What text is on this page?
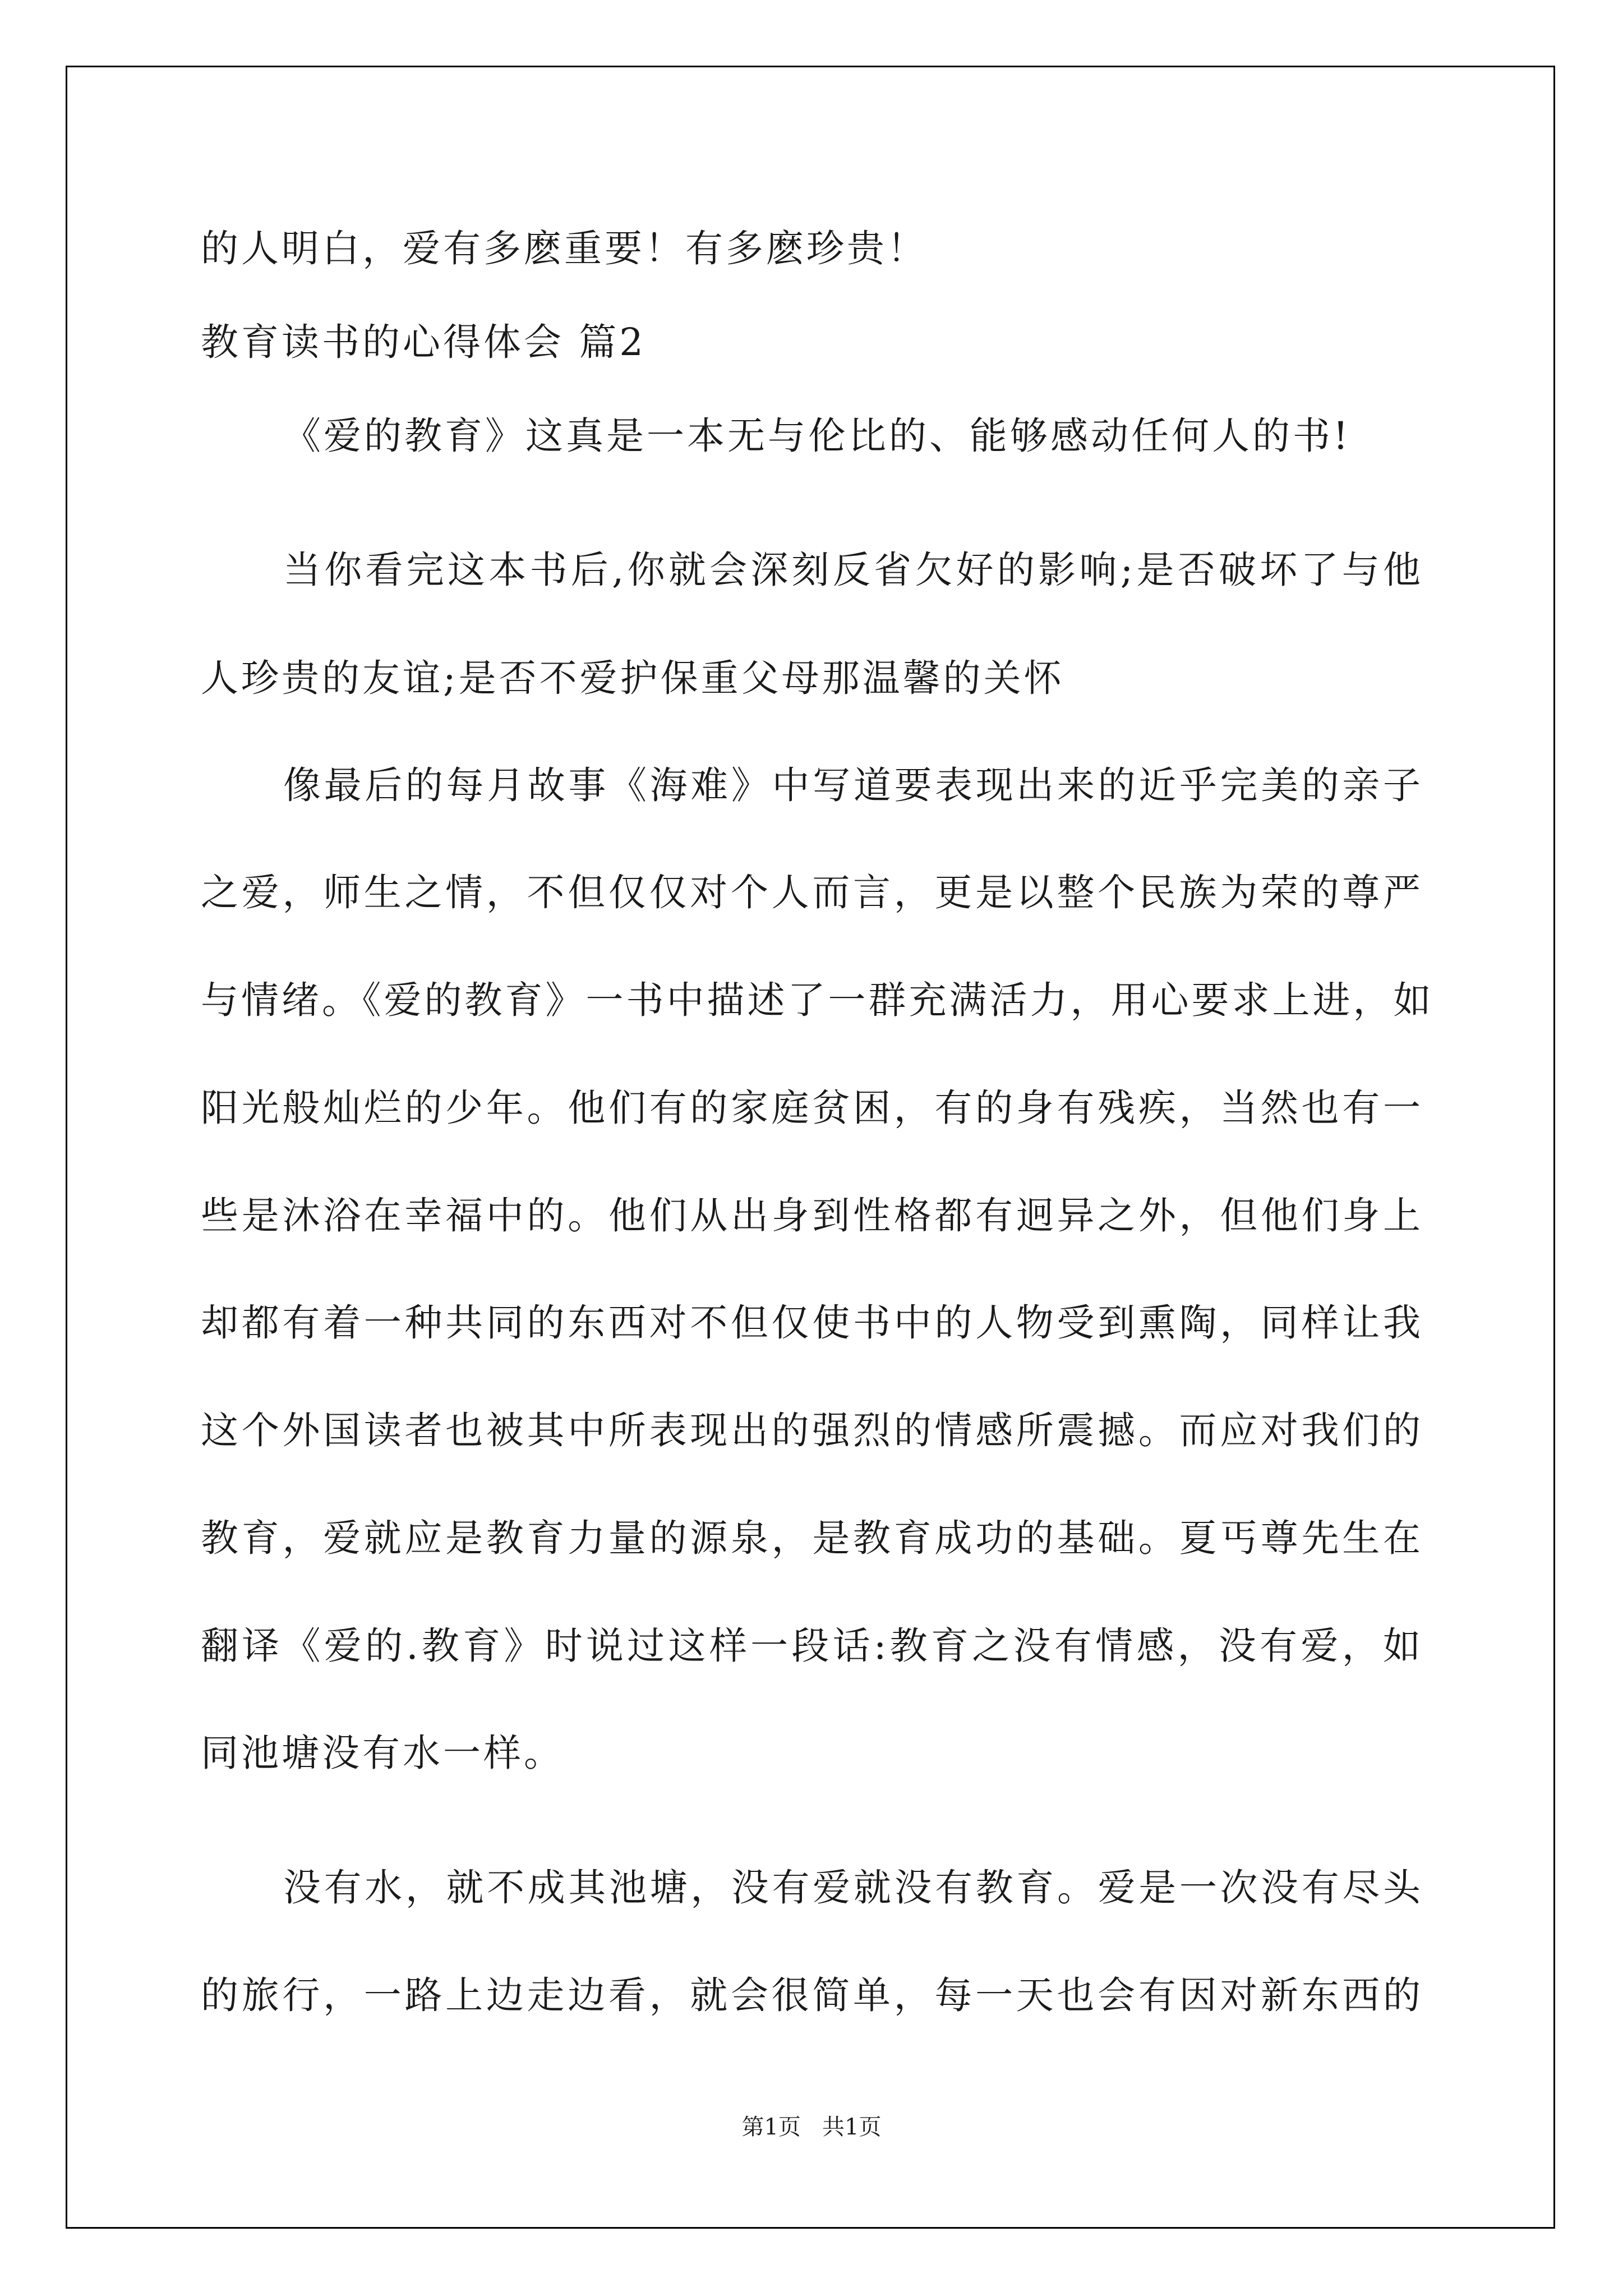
的人明白，爱有多麽重要！有多麽珍贵！
教育读书的心得体会 篇2
《爱的教育》这真是一本无与伦比的、能够感动任何人的书!
当你看完这本书后,你就会深刻反省欠好的影响;是否破坏了与他
人珍贵的友谊;是否不爱护保重父母那温馨的关怀
像最后的每月故事《海难》中写道要表现出来的近乎完美的亲子
之爱，师生之情，不但仅仅对个人而言，更是以整个民族为荣的尊严
与情绪。《爱的教育》一书中描述了一群充满活力，用心要求上进，如
阳光般灿烂的少年。他们有的家庭贫困，有的身有残疾，当然也有一
些是沐浴在幸福中的。他们从出身到性格都有迥异之外，但他们身上
却都有着一种共同的东西对不但仅使书中的人物受到熏陶，同样让我
这个外国读者也被其中所表现出的强烈的情感所震撼。而应对我们的
教育，爱就应是教育力量的源泉，是教育成功的基础。夏丐尊先生在
翻译《爱的.教育》时说过这样一段话:教育之没有情感，没有爱，如
同池塘没有水一样。
没有水，就不成其池塘，没有爱就没有教育。爱是一次没有尽头
的旅行，一路上边走边看，就会很简单，每一天也会有因对新东西的
第1页   共1页
